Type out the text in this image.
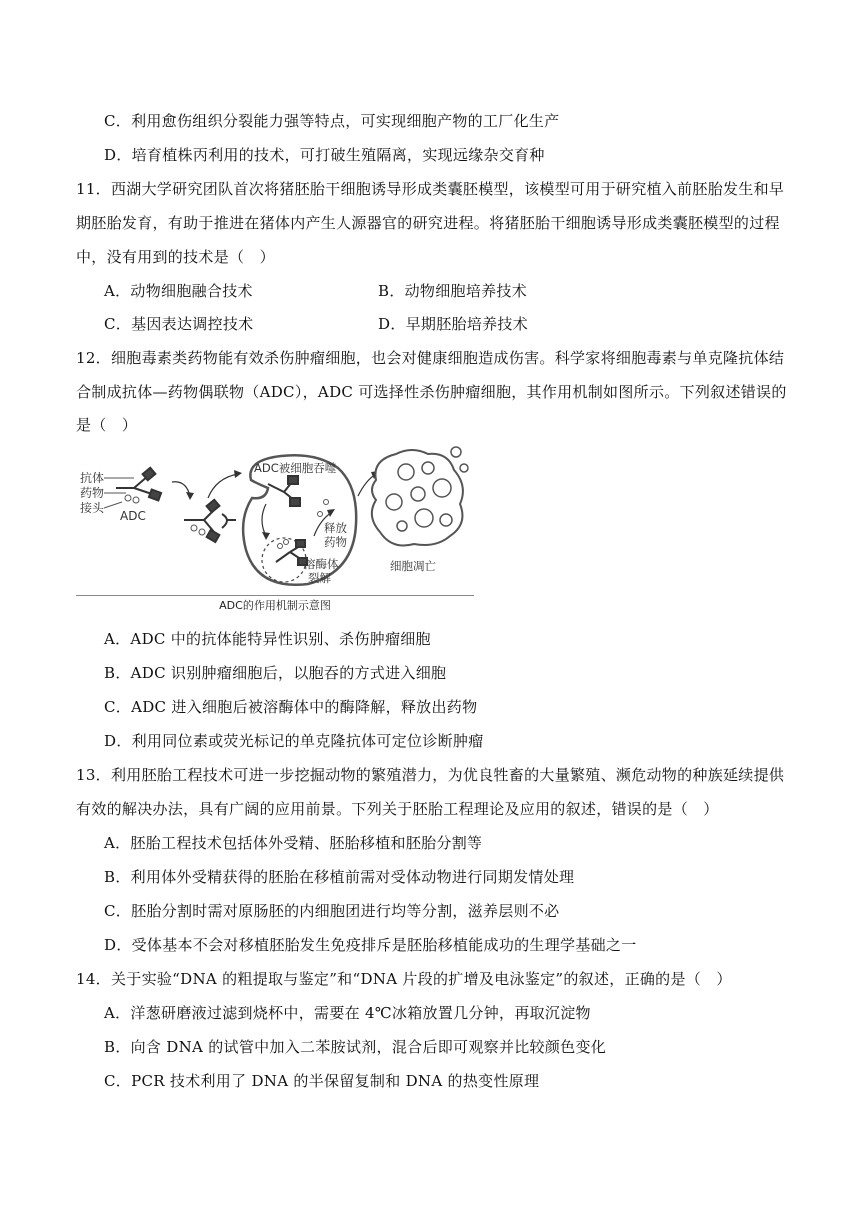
C．利用愈伤组织分裂能力强等特点，可实现细胞产物的工厂化生产
D．培育植株丙利用的技术，可打破生殖隔离，实现远缘杂交育种
11．西湖大学研究团队首次将猪胚胎干细胞诱导形成类囊胚模型，该模型可用于研究植入前胚胎发生和早
期胚胎发育，有助于推进在猪体内产生人源器官的研究进程。将猪胚胎干细胞诱导形成类囊胚模型的过程
中，没有用到的技术是（　）
A．动物细胞融合技术	B．动物细胞培养技术
C．基因表达调控技术	D．早期胚胎培养技术
12．细胞毒素类药物能有效杀伤肿瘤细胞，也会对健康细胞造成伤害。科学家将细胞毒素与单克隆抗体结
合制成抗体—药物偶联物（ADC），ADC 可选择性杀伤肿瘤细胞，其作用机制如图所示。下列叙述错误的
是（　）
抗体
药物
接头
ADC
ADC被细胞吞噬
溶酶体
裂解
释放
药物
细胞凋亡
ADC的作用机制示意图
A．ADC 中的抗体能特异性识别、杀伤肿瘤细胞
B．ADC 识别肿瘤细胞后，以胞吞的方式进入细胞
C．ADC 进入细胞后被溶酶体中的酶降解，释放出药物
D．利用同位素或荧光标记的单克隆抗体可定位诊断肿瘤
13．利用胚胎工程技术可进一步挖掘动物的繁殖潜力，为优良牲畜的大量繁殖、濒危动物的种族延续提供
有效的解决办法，具有广阔的应用前景。下列关于胚胎工程理论及应用的叙述，错误的是（　）
A．胚胎工程技术包括体外受精、胚胎移植和胚胎分割等
B．利用体外受精获得的胚胎在移植前需对受体动物进行同期发情处理
C．胚胎分割时需对原肠胚的内细胞团进行均等分割，滋养层则不必
D．受体基本不会对移植胚胎发生免疫排斥是胚胎移植能成功的生理学基础之一
14．关于实验“DNA 的粗提取与鉴定”和“DNA 片段的扩增及电泳鉴定”的叙述，正确的是（　）
A．洋葱研磨液过滤到烧杯中，需要在 4℃冰箱放置几分钟，再取沉淀物
B．向含 DNA 的试管中加入二苯胺试剂，混合后即可观察并比较颜色变化
C．PCR 技术利用了 DNA 的半保留复制和 DNA 的热变性原理
